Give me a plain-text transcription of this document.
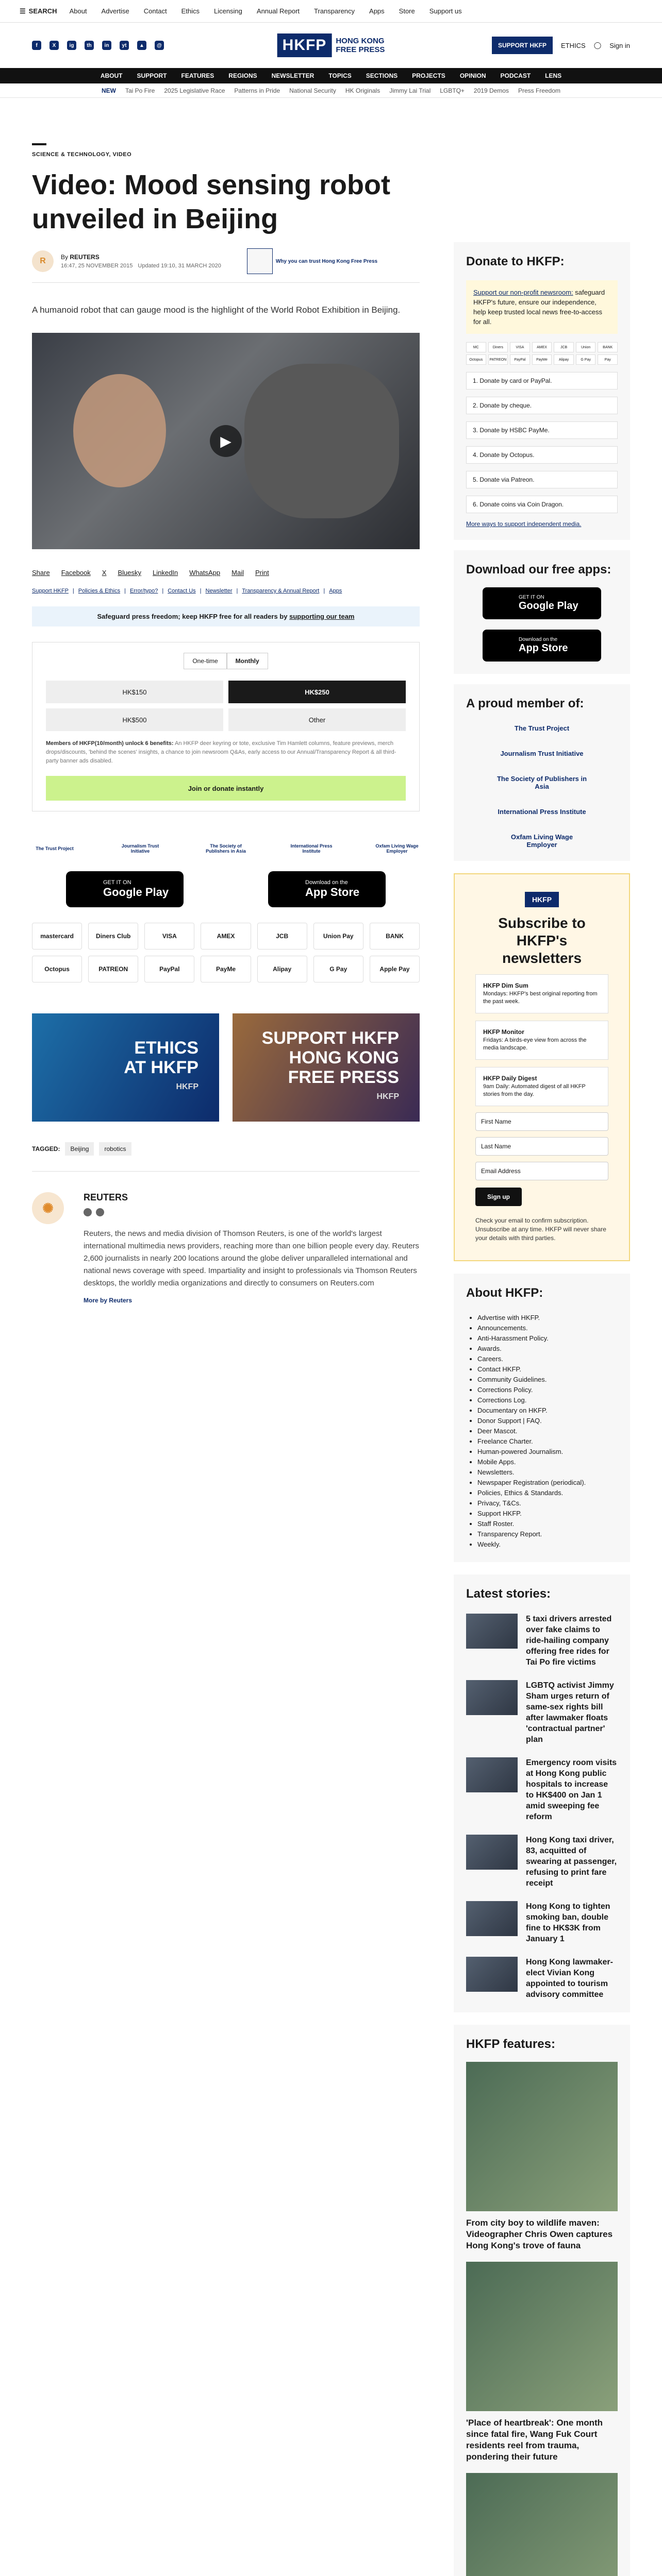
☰ SEARCH About Advertise Contact Ethics Licensing Annual Report Transparency Apps Store Support us
f	X	ig	th	in	yt	▲	@	HKFP	HONG KONG
FREE PRESS	SUPPORT HKFP	ETHICS ◯ Sign in
ABOUT SUPPORT FEATURES REGIONS NEWSLETTER TOPICS SECTIONS PROJECTS OPINION PODCAST LENS
NEW Tai Po Fire 2025 Legislative Race Patterns in Pride National Security HK Originals Jimmy Lai Trial LGBTQ+ 2019 Demos Press Freedom
SCIENCE & TECHNOLOGY, VIDEO
Video: Mood sensing robot unveiled in Beijing
R	By REUTERS
16:47, 25 NOVEMBER 2015 Updated 19:10, 31 MARCH 2020
Why you can trust Hong Kong Free Press

A humanoid robot that can gauge mood is the highlight of the World Robot Exhibition in Beijing.

▶
Share Facebook X Bluesky LinkedIn WhatsApp Mail Print
Support HKFP | Policies & Ethics | Error/typo? | Contact Us | Newsletter | Transparency & Annual Report | Apps
Safeguard press freedom; keep HKFP free for all readers by supporting our team
One-time	Monthly
HK$150	HK$250
HK$500	Other

Members of HKFP(10/month) unlock 6 benefits: An HKFP deer keyring or tote, exclusive Tim Hamlett columns, feature previews, merch drops/discounts, 'behind the scenes' insights, a chance to join newsroom Q&As, early access to our Annual/Transparency Report & all third-party banner ads disabled.

Join or donate instantly
The Trust Project	Journalism Trust Initiative
The Society of Publishers in Asia
International Press Institute
Oxfam Living Wage Employer
GET IT ON
Google Play
Download on the
App Store
mastercard	Diners Club	VISA	AMEX	JCB	Union Pay	BANK
Octopus	PATREON	PayPal	PayMe	Alipay	G Pay	Apple Pay
ETHICS
AT HKFP
HKFP
SUPPORT HKFP
HONG KONG
FREE PRESS
HKFP
TAGGED:	Beijing	robotics
✺
REUTERS

Reuters, the news and media division of Thomson Reuters, is one of the world's largest international multimedia news providers, reaching more than one billion people every day. Reuters 2,600 journalists in nearly 200 locations around the globe deliver unparalleled international and national news coverage with speed. Impartiality and insight to professionals via Thomson Reuters desktops, the worldly media organizations and directly to consumers on Reuters.com

More by Reuters
Donate to HKFP:

Support our non-profit newsroom: safeguard HKFP's future, ensure our independence, help keep trusted local news free-to-access for all.

MC	Diners	VISA	AMEX	JCB	Union	BANK
Octopus	PATREON	PayPal	PayMe	Alipay	G Pay	Pay
1. Donate by card or PayPal.
2. Donate by cheque.
3. Donate by HSBC PayMe.
4. Donate by Octopus.
5. Donate via Patreon.
6. Donate coins via Coin Dragon.
More ways to support independent media.
Download our free apps:
GET IT ON
Google Play
Download on the
App Store
A proud member of:
The Trust Project
Journalism Trust Initiative
The Society of Publishers in Asia
International Press Institute
Oxfam Living Wage Employer
HKFP
Subscribe to HKFP's newsletters
HKFP Dim Sum
Mondays: HKFP's best original reporting from the past week.
HKFP Monitor
Fridays: A birds-eye view from across the media landscape.
HKFP Daily Digest
9am Daily: Automated digest of all HKFP stories from the day.
First Name
Last Name
Email Address
Sign up

Check your email to confirm subscription. Unsubscribe at any time. HKFP will never share your details with third parties.

About HKFP:
• Advertise with HKFP.
• Announcements.
• Anti-Harassment Policy.
• Awards.
• Careers.
• Contact HKFP.
• Community Guidelines.
• Corrections Policy.
• Corrections Log.
• Documentary on HKFP.
• Donor Support | FAQ.
• Deer Mascot.
• Freelance Charter.
• Human-powered Journalism.
• Mobile Apps.
• Newsletters.
• Newspaper Registration (periodical).
• Policies, Ethics & Standards.
• Privacy, T&Cs.
• Support HKFP.
• Staff Roster.
• Transparency Report.
• Weekly.
Latest stories:
5 taxi drivers arrested over fake claims to ride-hailing company offering free rides for Tai Po fire victims
LGBTQ activist Jimmy Sham urges return of same-sex rights bill after lawmaker floats 'contractual partner' plan
Emergency room visits at Hong Kong public hospitals to increase to HK$400 on Jan 1 amid sweeping fee reform
Hong Kong taxi driver, 83, acquitted of swearing at passenger, refusing to print fare receipt
Hong Kong to tighten smoking ban, double fine to HK$3K from January 1
Hong Kong lawmaker-elect Vivian Kong appointed to tourism advisory committee
HKFP features:
From city boy to wildlife maven: Videographer Chris Owen captures Hong Kong's trove of fauna
'Place of heartbreak': One month since fatal fire, Wang Fuk Court residents reel from trauma, pondering their future
